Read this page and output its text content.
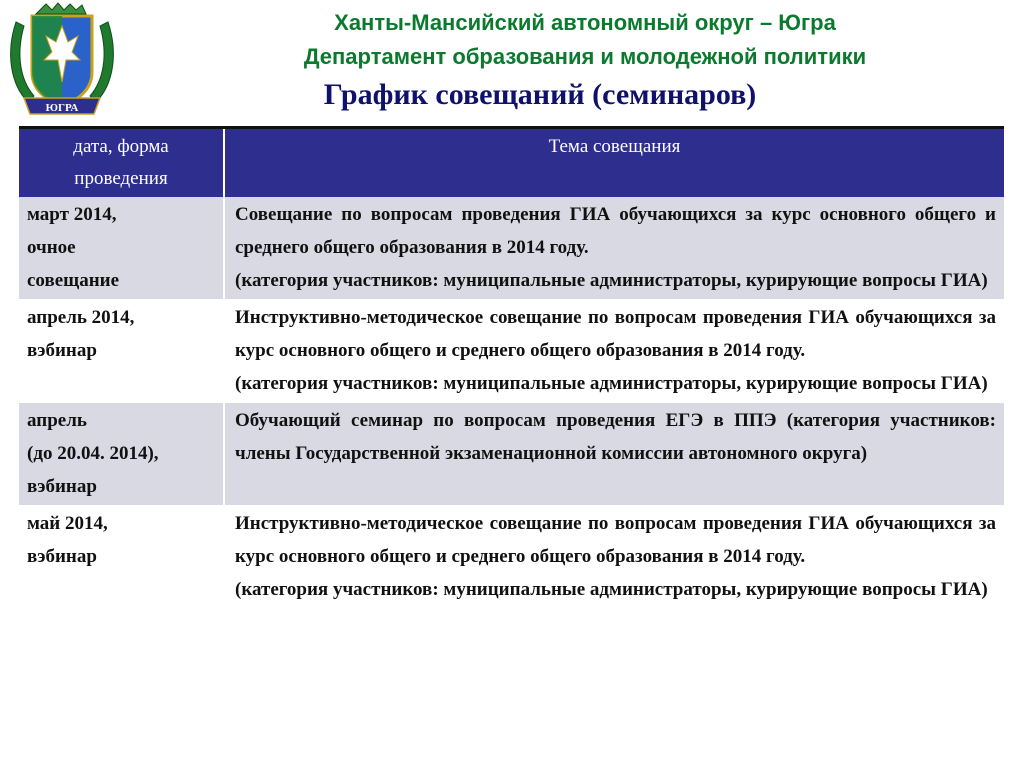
ЮГРА
Ханты-Мансийский автономный округ – Югра
Департамент образования и молодежной политики
График совещаний (семинаров)
дата, форма проведения	Тема совещания

март 2014,
очное
совещание	Совещание по вопросам проведения ГИА обучающихся за курс основного общего и среднего общего образования в 2014 году.
(категория участников: муниципальные администраторы, курирующие вопросы ГИА)

апрель 2014,
вэбинар	Инструктивно-методическое совещание по вопросам проведения ГИА обучающихся за курс основного общего и среднего общего образования в 2014 году.
(категория участников: муниципальные администраторы, курирующие вопросы ГИА)

апрель
(до 20.04. 2014),
вэбинар	Обучающий семинар по вопросам проведения ЕГЭ в ППЭ (категория участников: члены Государственной экзаменационной комиссии автономного округа)

май 2014,
вэбинар	Инструктивно-методическое совещание по вопросам проведения ГИА обучающихся за курс основного общего и среднего общего образования в 2014 году.
(категория участников: муниципальные администраторы, курирующие вопросы ГИА)
